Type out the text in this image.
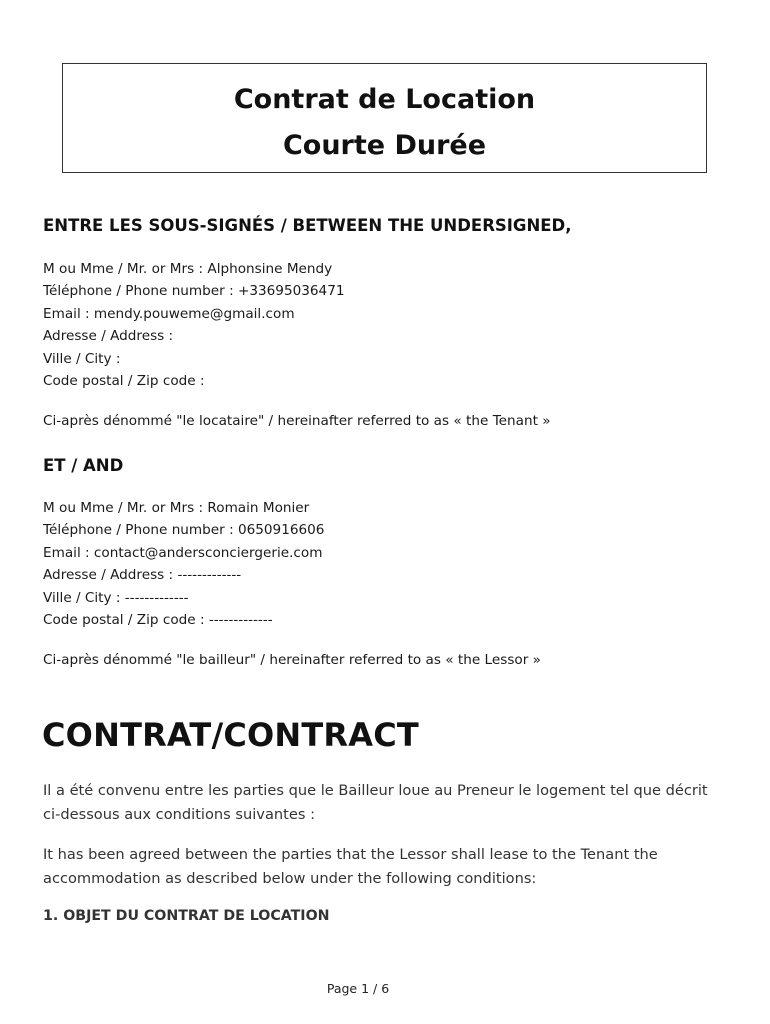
Contrat de Location
Courte Durée
ENTRE LES SOUS-SIGNÉS / BETWEEN THE UNDERSIGNED,
M ou Mme / Mr. or Mrs : Alphonsine Mendy
Téléphone / Phone number : +33695036471
Email : mendy.pouweme@gmail.com
Adresse / Address :
Ville / City :
Code postal / Zip code :
Ci-après dénommé "le locataire" / hereinafter referred to as « the Tenant »
ET / AND
M ou Mme / Mr. or Mrs : Romain Monier
Téléphone / Phone number : 0650916606
Email : contact@andersconciergerie.com
Adresse / Address : -------------
Ville / City : -------------
Code postal / Zip code : -------------
Ci-après dénommé "le bailleur" / hereinafter referred to as « the Lessor »
CONTRAT/CONTRACT
Il a été convenu entre les parties que le Bailleur loue au Preneur le logement tel que décrit ci-dessous aux conditions suivantes :
It has been agreed between the parties that the Lessor shall lease to the Tenant the accommodation as described below under the following conditions:
1. OBJET DU CONTRAT DE LOCATION
Page 1 / 6
